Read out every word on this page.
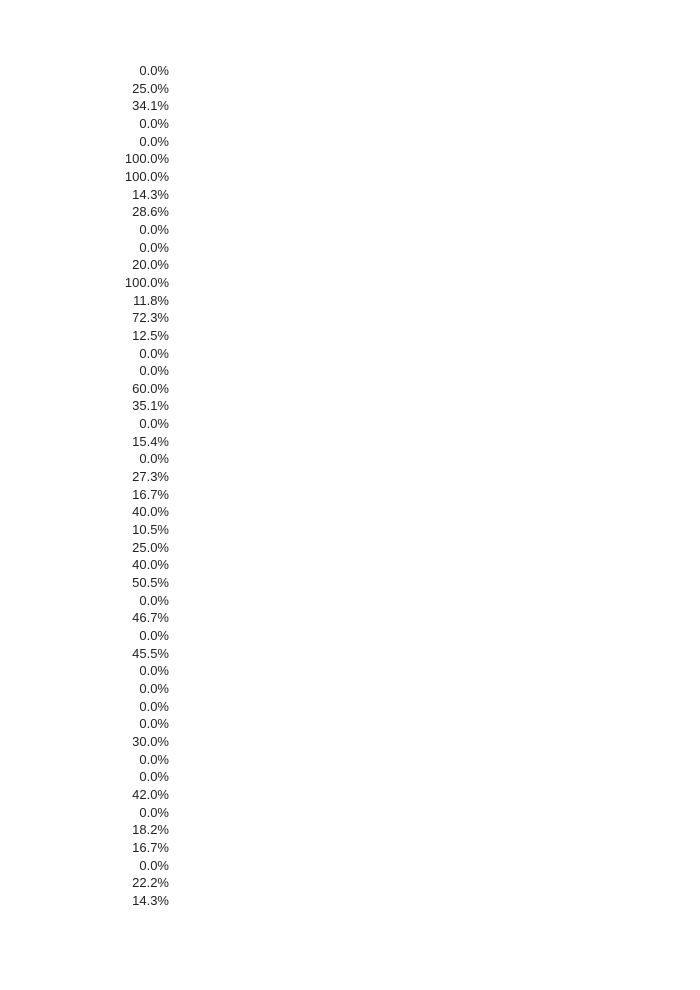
0.0%
25.0%
34.1%
0.0%
0.0%
100.0%
100.0%
14.3%
28.6%
0.0%
0.0%
20.0%
100.0%
11.8%
72.3%
12.5%
0.0%
0.0%
60.0%
35.1%
0.0%
15.4%
0.0%
27.3%
16.7%
40.0%
10.5%
25.0%
40.0%
50.5%
0.0%
46.7%
0.0%
45.5%
0.0%
0.0%
0.0%
0.0%
30.0%
0.0%
0.0%
42.0%
0.0%
18.2%
16.7%
0.0%
22.2%
14.3%
